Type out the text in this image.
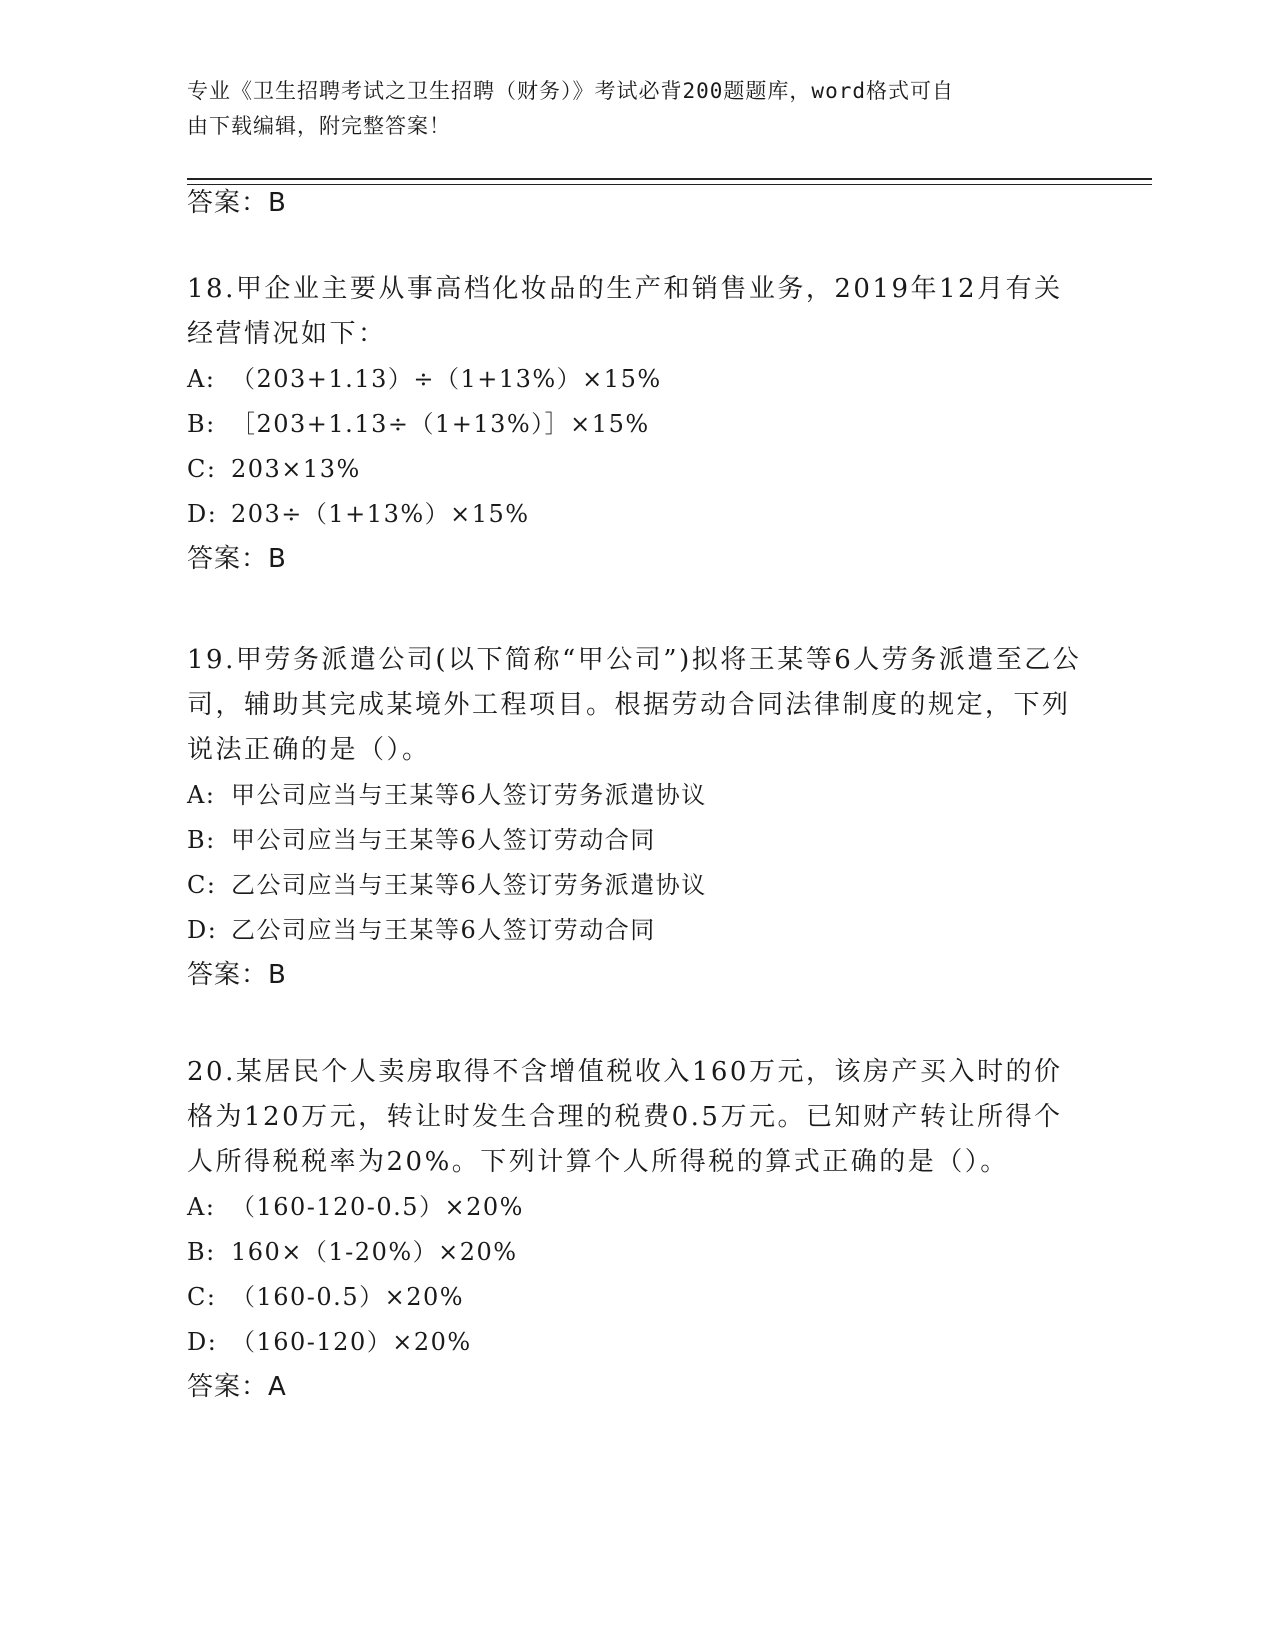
专业《卫生招聘考试之卫生招聘（财务）》考试必背200题题库，word格式可自
由下载编辑，附完整答案！
答案：B

18.甲企业主要从事高档化妆品的生产和销售业务，2019年12月有关经营情况如下：

A: （203+1.13）÷（1+13%）×15%

B: ［203+1.13÷（1+13%）］×15%

C: 203×13%

D: 203÷（1+13%）×15%

答案：B

19.甲劳务派遣公司(以下简称“甲公司”)拟将王某等6人劳务派遣至乙公司，辅助其完成某境外工程项目。根据劳动合同法律制度的规定，下列说法正确的是（）。

A: 甲公司应当与王某等6人签订劳务派遣协议

B: 甲公司应当与王某等6人签订劳动合同

C: 乙公司应当与王某等6人签订劳务派遣协议

D: 乙公司应当与王某等6人签订劳动合同

答案：B

20.某居民个人卖房取得不含增值税收入160万元，该房产买入时的价格为120万元，转让时发生合理的税费0.5万元。已知财产转让所得个人所得税税率为20%。下列计算个人所得税的算式正确的是（）。

A: （160-120-0.5）×20%

B: 160×（1-20%）×20%

C: （160-0.5）×20%

D: （160-120）×20%

答案：A
